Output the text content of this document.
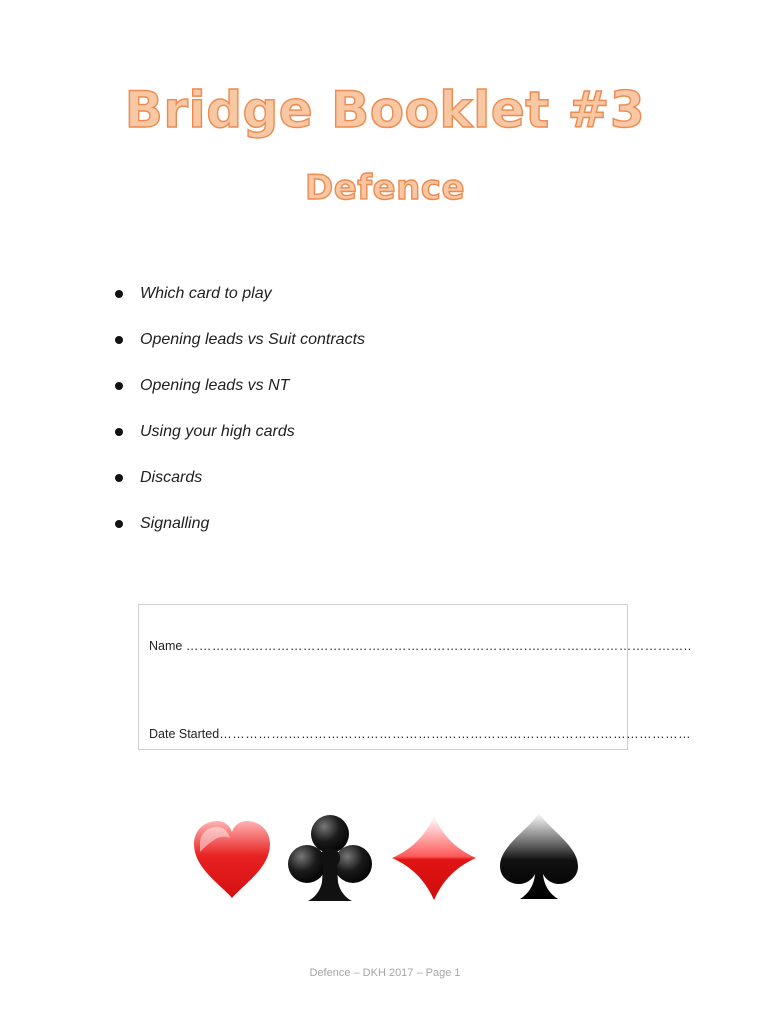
Bridge Booklet #3
Defence
Which card to play
Opening leads vs Suit contracts
Opening leads vs NT
Using your high cards
Discards
Signalling
Name …………………………………………………………………….………………………………..
Date Started…………….…………………………………………………………………………………
Defence – DKH 2017 – Page 1
